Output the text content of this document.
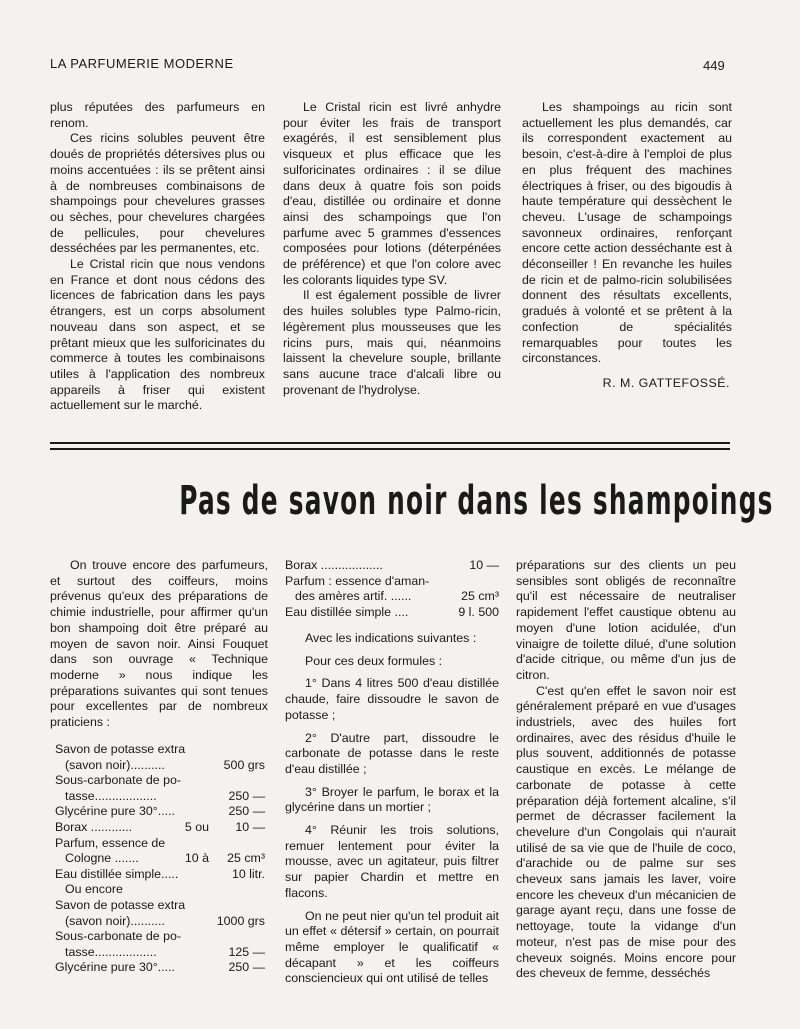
LA PARFUMERIE MODERNE	449

plus réputées des parfumeurs en renom.

Ces ricins solubles peuvent être doués de propriétés détersives plus ou moins accentuées : ils se prêtent ainsi à de nombreuses combinaisons de shampoings pour chevelures grasses ou sèches, pour chevelures chargées de pellicules, pour chevelures desséchées par les permanentes, etc.

Le Cristal ricin que nous vendons en France et dont nous cédons des licences de fabrication dans les pays étrangers, est un corps absolument nouveau dans son aspect, et se prêtant mieux que les sulforicinates du commerce à toutes les combinaisons utiles à l'application des nombreux appareils à friser qui existent actuellement sur le marché.

Le Cristal ricin est livré anhydre pour éviter les frais de transport exagérés, il est sensiblement plus visqueux et plus efficace que les sulforicinates ordinaires : il se dilue dans deux à quatre fois son poids d'eau, distillée ou ordinaire et donne ainsi des schampoings que l'on parfume avec 5 grammes d'essences composées pour lotions (déterpénées de préférence) et que l'on colore avec les colorants liquides type SV.

Il est également possible de livrer des huiles solubles type Palmo-ricin, légèrement plus mousseuses que les ricins purs, mais qui, néanmoins laissent la chevelure souple, brillante sans aucune trace d'alcali libre ou provenant de l'hydrolyse.

Les shampoings au ricin sont actuellement les plus demandés, car ils correspondent exactement au besoin, c'est-à-dire à l'emploi de plus en plus fréquent des machines électriques à friser, ou des bigoudis à haute température qui dessèchent le cheveu. L'usage de schampoings savonneux ordinaires, renforçant encore cette action desséchante est à déconseiller ! En revanche les huiles de ricin et de palmo-ricin solubilisées donnent des résultats excellents, gradués à volonté et se prêtent à la confection de spécialités remarquables pour toutes les circonstances.

R. M. GATTEFOSSÉ.
Pas de savon noir dans les shampoings

On trouve encore des parfumeurs, et surtout des coiffeurs, moins prévenus qu'eux des préparations de chimie industrielle, pour affirmer qu'un bon shampoing doit être préparé au moyen de savon noir. Ainsi Fouquet dans son ouvrage « Technique moderne » nous indique les préparations suivantes qui sont tenues pour excellentes par de nombreux praticiens :

Savon de potasse extra
(savon noir)..........	500 grs
Sous-carbonate de po-
tasse..................	250 —
Glycérine pure 30°.....	250 —
Borax ............	5 ou 10 —
Parfum, essence de
Cologne .......	10 à 25 cm³
Eau distillée simple.....	10 litr.
Ou encore
Savon de potasse extra
(savon noir)..........	1000 grs
Sous-carbonate de po-
tasse..................	125 —
Glycérine pure 30°.....	250 —
Borax ..................	10 —
Parfum : essence d'aman-
des amères artif. ......	25 cm³
Eau distillée simple ....	9 l. 500

Avec les indications suivantes :

Pour ces deux formules :

1° Dans 4 litres 500 d'eau distillée chaude, faire dissoudre le savon de potasse ;

2° D'autre part, dissoudre le carbonate de potasse dans le reste d'eau distillée ;

3° Broyer le parfum, le borax et la glycérine dans un mortier ;

4° Réunir les trois solutions, remuer lentement pour éviter la mousse, avec un agitateur, puis filtrer sur papier Chardin et mettre en flacons.

On ne peut nier qu'un tel produit ait un effet « détersif » certain, on pourrait même employer le qualificatif « décapant » et les coiffeurs consciencieux qui ont utilisé de telles

préparations sur des clients un peu sensibles sont obligés de reconnaître qu'il est nécessaire de neutraliser rapidement l'effet caustique obtenu au moyen d'une lotion acidulée, d'un vinaigre de toilette dilué, d'une solution d'acide citrique, ou même d'un jus de citron.

C'est qu'en effet le savon noir est généralement préparé en vue d'usages industriels, avec des huiles fort ordinaires, avec des résidus d'huile le plus souvent, additionnés de potasse caustique en excès. Le mélange de carbonate de potasse à cette préparation déjà fortement alcaline, s'il permet de décrasser facilement la chevelure d'un Congolais qui n'aurait utilisé de sa vie que de l'huile de coco, d'arachide ou de palme sur ses cheveux sans jamais les laver, voire encore les cheveux d'un mécanicien de garage ayant reçu, dans une fosse de nettoyage, toute la vidange d'un moteur, n'est pas de mise pour des cheveux soignés. Moins encore pour des cheveux de femme, desséchés
